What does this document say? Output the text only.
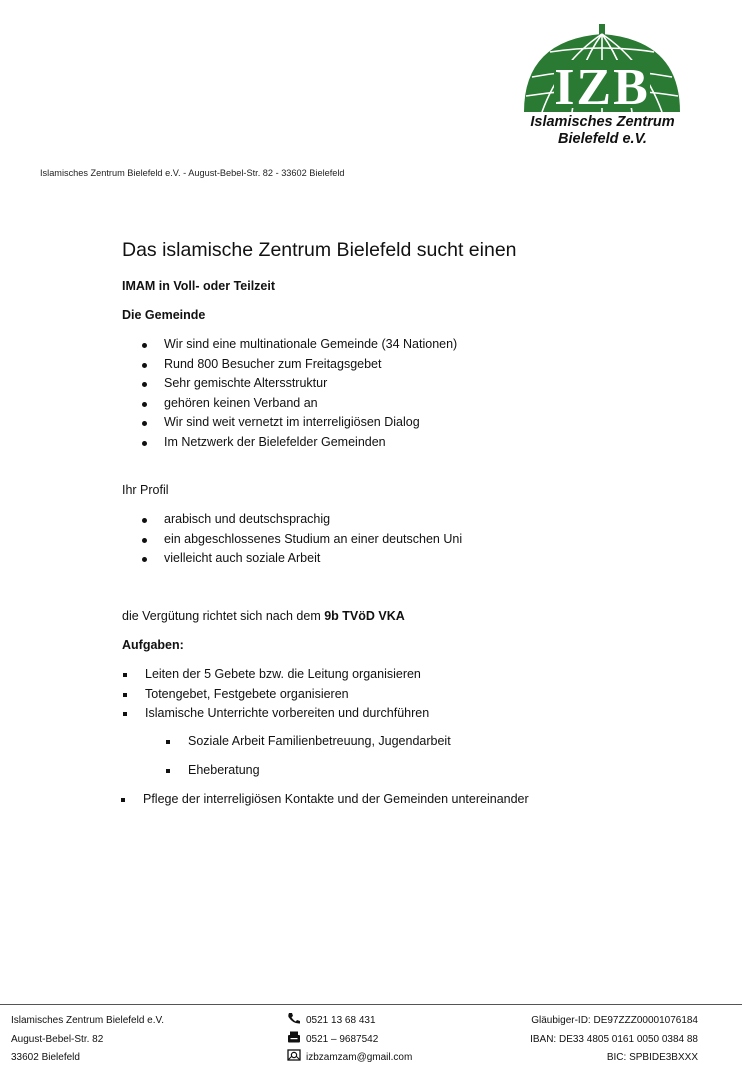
IZB
Islamisches Zentrum
Bielefeld e.V.
Islamisches Zentrum Bielefeld e.V. - August-Bebel-Str. 82 - 33602 Bielefeld
Das islamische Zentrum Bielefeld sucht einen
IMAM in Voll- oder Teilzeit
Die Gemeinde
Wir sind eine multinationale Gemeinde (34 Nationen)
Rund 800 Besucher zum Freitagsgebet
Sehr gemischte Altersstruktur
gehören keinen Verband an
Wir sind weit vernetzt im interreligiösen Dialog
Im Netzwerk der Bielefelder Gemeinden
Ihr Profil
arabisch und deutschsprachig
ein abgeschlossenes Studium an einer deutschen Uni
vielleicht auch soziale Arbeit
die Vergütung richtet sich nach dem 9b TVöD VKA
Aufgaben:
Leiten der 5 Gebete bzw. die Leitung organisieren
Totengebet, Festgebete organisieren
Islamische Unterrichte vorbereiten und durchführen
Soziale Arbeit Familienbetreuung, Jugendarbeit
Eheberatung
Pflege der interreligiösen Kontakte und der Gemeinden untereinander
Islamisches Zentrum Bielefeld e.V.
August-Bebel-Str. 82
33602 Bielefeld
0521 13 68 431
0521 – 9687542
izbzamzam@gmail.com
Gläubiger-ID: DE97ZZZ00001076184
IBAN: DE33 4805 0161 0050 0384 88
BIC: SPBIDE3BXXX
